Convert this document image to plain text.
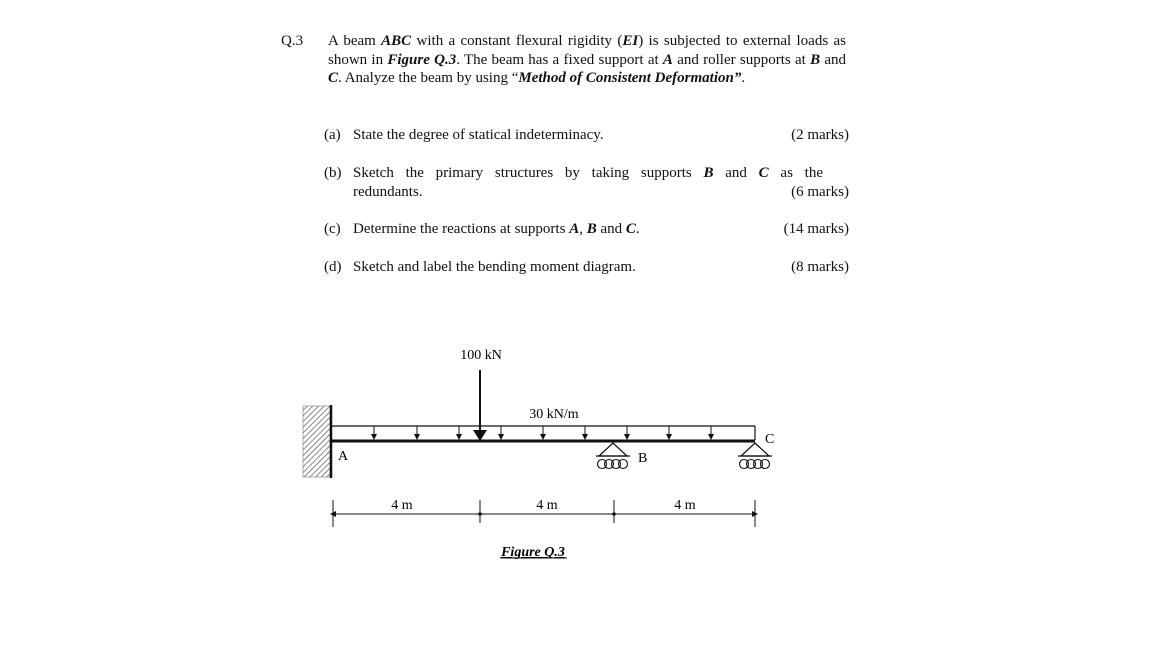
Q.3 A beam ABC with a constant flexural rigidity (EI) is subjected to external loads as shown in Figure Q.3. The beam has a fixed support at A and roller supports at B and C. Analyze the beam by using “Method of Consistent Deformation”.
(a) State the degree of statical indeterminacy.	(2 marks)
(b) Sketch the primary structures by taking supports B and C as the
redundants.	(6 marks)
(c) Determine the reactions at supports A, B and C.	(14 marks)
(d) Sketch and label the bending moment diagram.	(8 marks)
100 kN
30 kN/m
A	B
C
4 m	4 m	4 m
Figure Q.3
